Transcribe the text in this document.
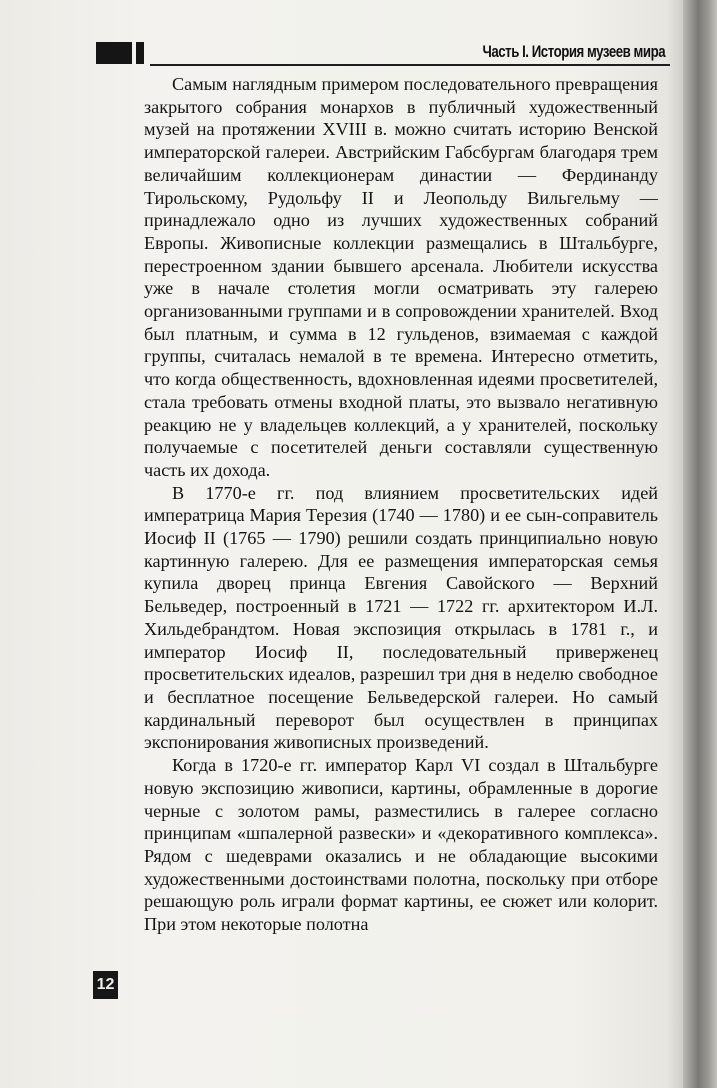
Часть I. История музеев мира

Самым наглядным примером последовательного превращения закрытого собрания монархов в публичный художественный музей на протяжении XVIII в. можно считать историю Венской императорской галереи. Австрийским Габсбургам благодаря трем величайшим коллекционерам династии — Фердинанду Тирольскому, Рудольфу II и Леопольду Вильгельму — принадлежало одно из лучших художественных собраний Европы. Живописные коллекции размещались в Штальбурге, перестроенном здании бывшего арсенала. Любители искусства уже в начале столетия могли осматривать эту галерею организованными группами и в сопровождении хранителей. Вход был платным, и сумма в 12 гульденов, взимаемая с каждой группы, считалась немалой в те времена. Интересно отметить, что когда общественность, вдохновленная идеями просветителей, стала требовать отмены входной платы, это вызвало негативную реакцию не у владельцев коллекций, а у хранителей, поскольку получаемые с посетителей деньги составляли существенную часть их дохода.

В 1770-е гг. под влиянием просветительских идей императрица Мария Терезия (1740 — 1780) и ее сын-соправитель Иосиф II (1765 — 1790) решили создать принципиально новую картинную галерею. Для ее размещения императорская семья купила дворец принца Евгения Савойского — Верхний Бельведер, построенный в 1721 — 1722 гг. архитектором И.Л. Хильдебрандтом. Новая экспозиция открылась в 1781 г., и император Иосиф II, последовательный приверженец просветительских идеалов, разрешил три дня в неделю свободное и бесплатное посещение Бельведерской галереи. Но самый кардинальный переворот был осуществлен в принципах экспонирования живописных произведений.

Когда в 1720-е гг. император Карл VI создал в Штальбурге новую экспозицию живописи, картины, обрамленные в дорогие черные с золотом рамы, разместились в галерее согласно принципам «шпалерной развески» и «декоративного комплекса». Рядом с шедеврами оказались и не обладающие высокими художественными достоинствами полотна, поскольку при отборе решающую роль играли формат картины, ее сюжет или колорит. При этом некоторые полотна

12
